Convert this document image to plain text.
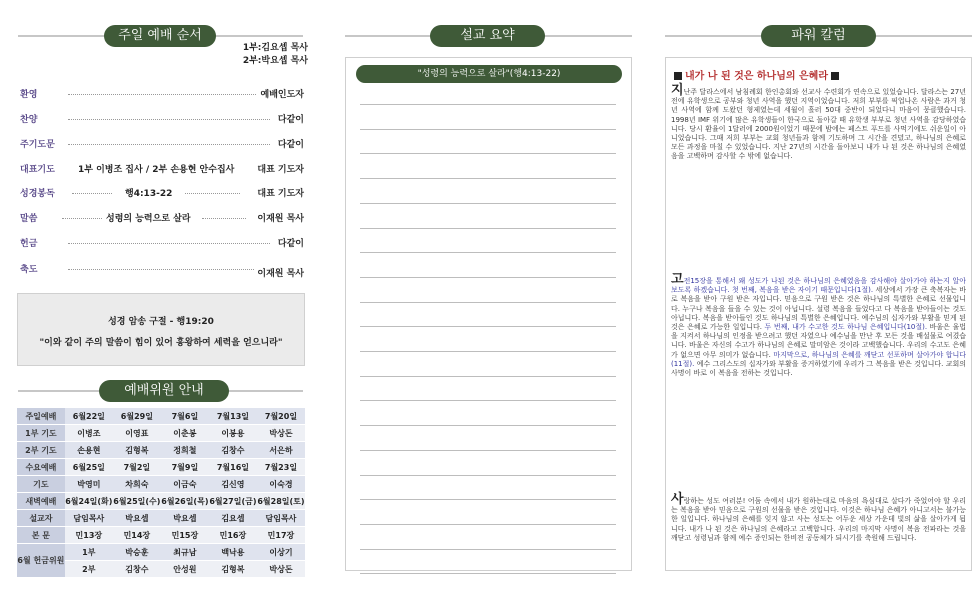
주일 예배 순서
1부:김요셉 목사
2부:박요셉 목사
환영	예배인도자
찬양	다같이
주기도문	다같이
대표기도	1부 이병조 집사 / 2부 손용현 안수집사	대표 기도자
성경봉독	행4:13-22	대표 기도자
말씀	성령의 능력으로 살라	이재원 목사
헌금	다같이
축도	이재원 목사
성경 암송 구절 - 행19:20
"이와 같이 주의 말씀이 힘이 있어 흥왕하여 세력을 얻으니라"
예배위원 안내
주일예배	6월22일	6월29일	7월6일	7월13일	7월20일
1부 기도	이병조	이영표	이춘봉	이봉용	박상돈
2부 기도	손용현	김형복	정희철	김창수	서은하
수요예배	6월25일	7월2일	7월9일	7월16일	7월23일
기도	박영미	차희숙	이금숙	김신영	이숙경
새벽예배	6월24일(화)	6월25일(수)	6월26일(목)	6월27일(금)	6월28일(토)
설교자	담임목사	박요셉	박요셉	김요셉	담임목사
본 문	민13장	민14장	민15장	민16장	민17장
6월 헌금위원	1부	박승훈	최규남	백낙용	이상기
	2부	김창수	안성원	김형복	박상돈
설교 요약
"성령의 능력으로 살라"(행4:13-22)
파워 칼럼
내가 나 된 것은 하나님의 은혜라
지난주 달라스에서 남침례회 한인총회와 선교사 수련회가 연속으로 있었습니다. 달라스는 27년전에 유학생으로 공부와 청년 사역을 했던 지역이었습니다. 저희 부부를 픽업나온 사람은 과거 청년 사역에 함께 도왔던 형제였는데 세월이 흘러 50대 중반이 되었다니 마음이 뭉클했습니다. 1998년 IMF 위기에 많은 유학생들이 한국으로 돌아갈 때 유학생 부부로 청년 사역을 감당하였습니다. 당시 환율이 1달러에 2000원이었기 때문에 밤에는 페스트 푸드를 사먹기에도 쉬운일이 아니었습니다. 그때 저희 부부는 교회 청년들과 함께 기도하며 그 시간을 견뎠고, 하나님의 은혜로 모든 과정을 마칠 수 있었습니다. 지난 27년의 시간을 돌아보니 내가 나 된 것은 하나님의 은혜였음을 고백하며 감사할 수 밖에 없습니다.
고전15장을 통해서 왜 성도가 나된 것은 하나님의 은혜였음을 감사해야 살아가야 하는지 알아보도록 하겠습니다. 첫 번째, 복음을 받은 자이기 때문입니다(1절). 세상에서 가장 큰 축복자는 바로 복음을 받아 구원 받은 자입니다. 믿음으로 구원 받은 것은 하나님의 특별한 은혜로 선물입니다. 누구나 복음을 들을 수 있는 것이 아닙니다. 설령 복음을 들었다고 다 복음을 받아들이는 것도 아닙니다. 복음을 받아들인 것도 하나님의 특별한 은혜입니다. 예수님의 십자가와 부활을 믿게 된 것은 은혜로 가능한 일입니다. 두 번째, 내가 수고한 것도 하나님 은혜입니다(10절). 바울은 율법을 지켜서 하나님의 인정을 받으려고 했던 자였으나 예수님을 만난 후 모든 것을 배설물로 여겼습니다. 바울은 자신의 수고가 하나님의 은혜로 말미암은 것이라 고백했습니다. 우리의 수고도 은혜가 없으면 아무 의미가 없습니다. 마지막으로, 하나님의 은혜를 깨닫고 선포하며 살아가야 합니다(11절). 예수 그리스도의 십자가와 부활을 증거하였기에 우리가 그 복음을 받은 것입니다. 교회의 사명이 바로 이 복음을 전하는 것입니다.
사랑하는 성도 여러분! 어둠 속에서 내가 원하는대로 마음의 욕심대로 살다가 죽었어야 할 우리는 복음을 받아 믿음으로 구원의 선물을 받은 것입니다. 이것은 하나님 은혜가 아니고서는 불가능한 일입니다. 하나님의 은혜를 잊지 않고 사는 성도는 어두운 세상 가운데 빛의 삶을 살아가게 됩니다. 내가 나 된 것은 하나님의 은혜라고 고백합니다. 우리의 마지막 사명이 복음 전파라는 것을 깨닫고 성령님과 함께 예수 증인되는 한비전 공동체가 되시기를 축원해 드립니다.
